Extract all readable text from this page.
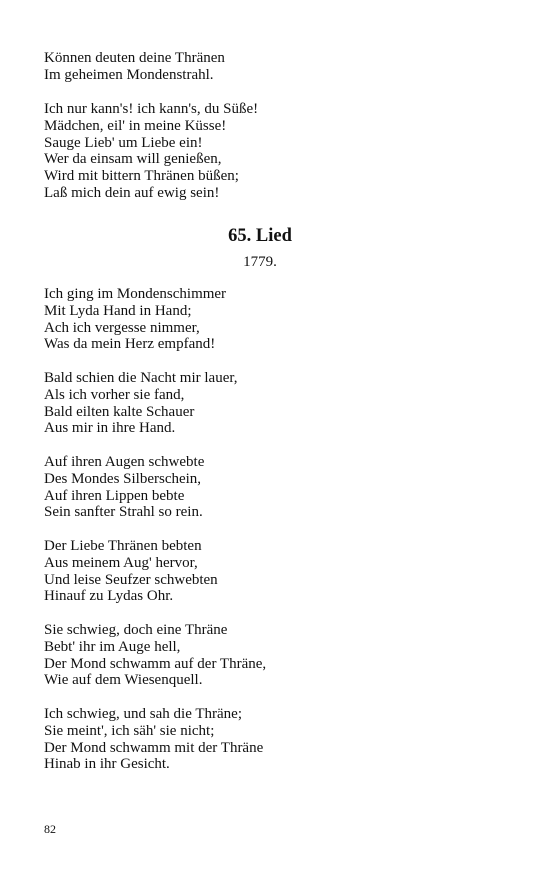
Können deuten deine Thränen
Im geheimen Mondenstrahl.
Ich nur kann's! ich kann's, du Süße!
Mädchen, eil' in meine Küsse!
Sauge Lieb' um Liebe ein!
Wer da einsam will genießen,
Wird mit bittern Thränen büßen;
Laß mich dein auf ewig sein!
65. Lied
1779.
Ich ging im Mondenschimmer
Mit Lyda Hand in Hand;
Ach ich vergesse nimmer,
Was da mein Herz empfand!
Bald schien die Nacht mir lauer,
Als ich vorher sie fand,
Bald eilten kalte Schauer
Aus mir in ihre Hand.
Auf ihren Augen schwebte
Des Mondes Silberschein,
Auf ihren Lippen bebte
Sein sanfter Strahl so rein.
Der Liebe Thränen bebten
Aus meinem Aug' hervor,
Und leise Seufzer schwebten
Hinauf zu Lydas Ohr.
Sie schwieg, doch eine Thräne
Bebt' ihr im Auge hell,
Der Mond schwamm auf der Thräne,
Wie auf dem Wiesenquell.
Ich schwieg, und sah die Thräne;
Sie meint', ich säh' sie nicht;
Der Mond schwamm mit der Thräne
Hinab in ihr Gesicht.
82
